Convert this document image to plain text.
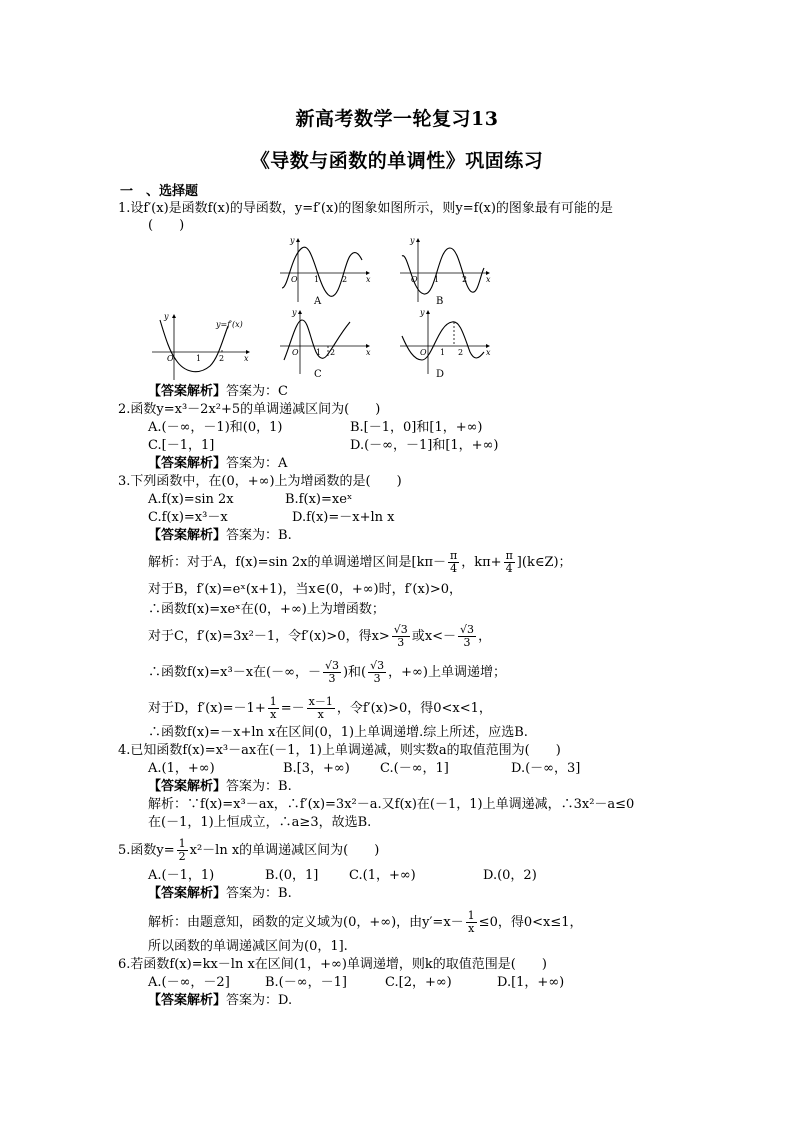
新高考数学一轮复习13
《导数与函数的单调性》巩固练习
一　、选择题
1.设f′(x)是函数f(x)的导函数，y=f′(x)的图象如图所示，则y=f(x)的图象最有可能的是
(　　)
y
x
O 1	2
A
y
x
O 1	2
B
y
x
O	1 2
y=f′(x)
y
x
O 1 2
C
y
x
O 1 2
D
【答案解析】答案为：C
2.函数y=x³－2x²+5的单调递减区间为(　　)
A.(－∞，－1)和(0，1)	B.[－1，0]和[1，+∞)
C.[－1，1]	D.(－∞，－1]和[1，+∞)
【答案解析】答案为：A
3.下列函数中，在(0，+∞)上为增函数的是(　　)
A.f(x)=sin 2x	B.f(x)=xeˣ
C.f(x)=x³－x	D.f(x)=－x+ln x
【答案解析】答案为：B.
解析：对于A，f(x)=sin 2x的单调递增区间是[$k\pi- \frac{\pi}{4}$ ，$k\pi+ \frac{\pi}{4}$ ](k∈Z)；
对于B，f′(x)=eˣ(x+1)，当x∈(0，+∞)时，f′(x)>0，
∴函数f(x)=xeˣ在(0，+∞)上为增函数；
对于C，f′(x)=3x²－1，令f′(x)>0，得$x> \frac{√3}{3}$ 或$x<- \frac{√3}{3}$ ，
∴函数f(x)=x³－x在(－∞，－ $\frac{√3}{3}$ )和( $\frac{√3}{3}$ ，+∞)上单调递增；
对于D，$f'(x)=-1+ \frac{1}{x} =- \frac{x-1}{x}$ ，令f′(x)>0，得0<x<1，
∴函数f(x)=－x+ln x在区间(0，1)上单调递增.综上所述，应选B.
4.已知函数f(x)=x³－ax在(－1，1)上单调递减，则实数a的取值范围为(　　)
A.(1，+∞)	B.[3，+∞) C.(－∞，1]	D.(－∞，3]
【答案解析】答案为：B.
解析：∵f(x)=x³－ax，∴f′(x)=3x²－a.又f(x)在(－1，1)上单调递减，∴3x²－a≤0
在(－1，1)上恒成立，∴a≥3，故选B.
5.函数$y= \frac{1}{2} x^2-\ln$ x的单调递减区间为(　　)
A.(－1，1)	B.(0，1] C.(1，+∞)	D.(0，2)
【答案解析】答案为：B.
解析：由题意知，函数的定义域为(0，+∞)，由$y'=x- \frac{1}{x} \le 0$，得0<x≤1，
所以函数的单调递减区间为(0，1].
6.若函数f(x)=kx－ln x在区间(1，+∞)单调递增，则k的取值范围是(　　)
A.(－∞，－2]	B.(－∞，－1]	C.[2，+∞)	D.[1，+∞)
【答案解析】答案为：D.
